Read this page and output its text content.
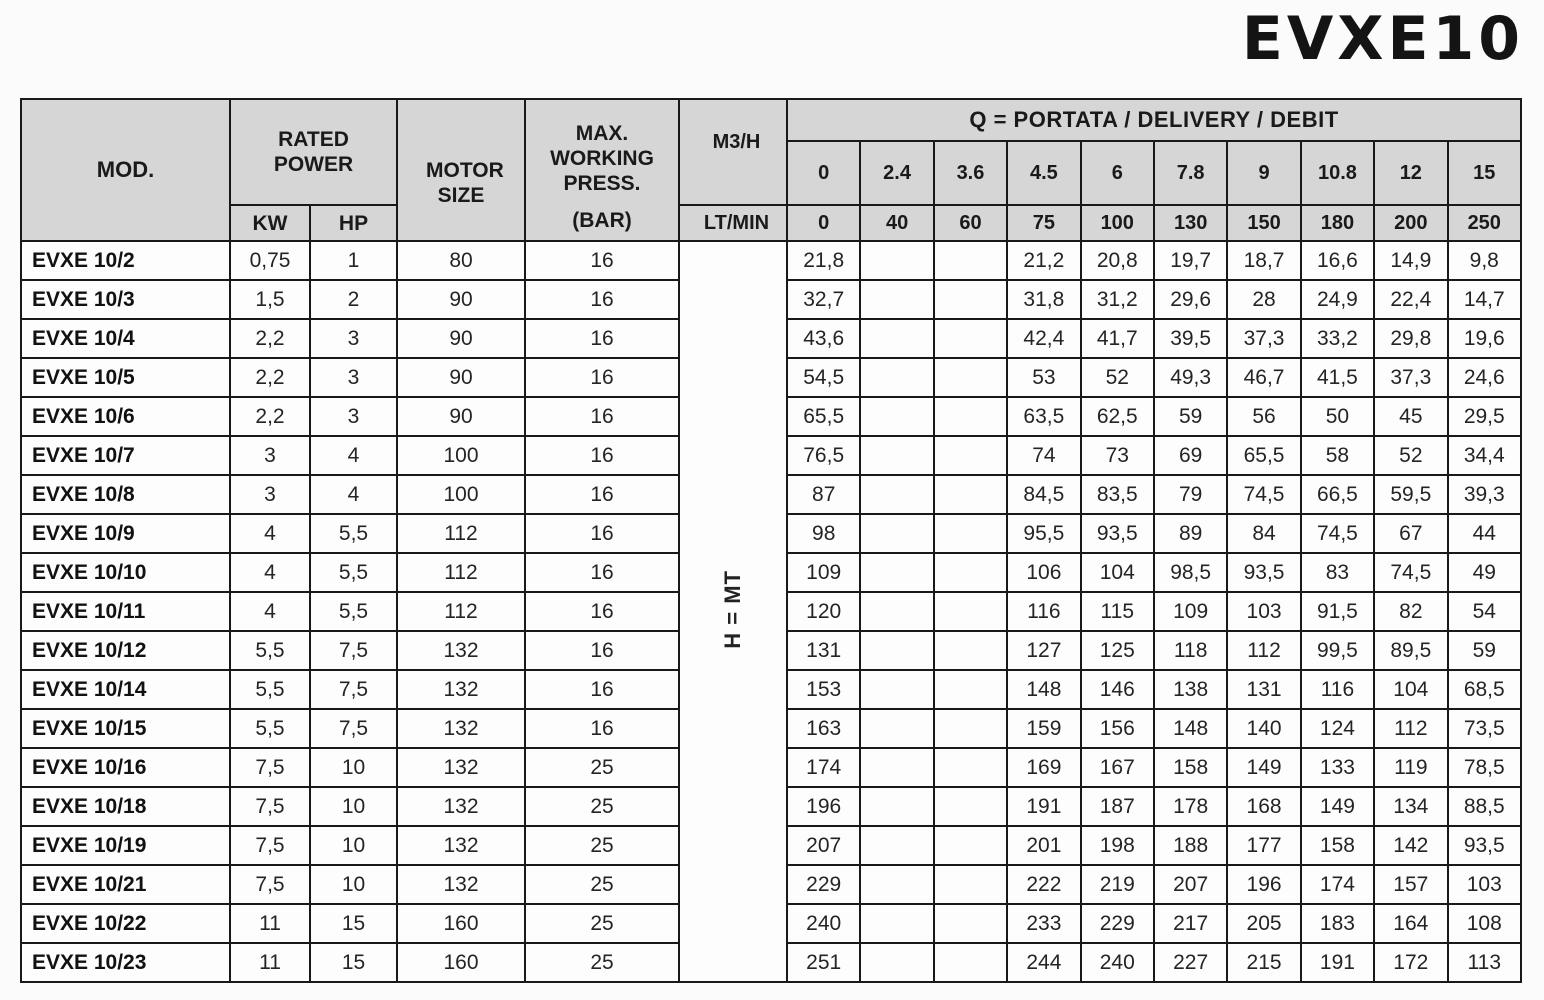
EVXE10
MOD.	RATED POWER		MOTOR SIZE	MAX. WORKING PRESS.
(BAR)	M3/H	Q = PORTATA / DELIVERY / DEBIT									
						0	2.4	3.6	4.5	6	7.8	9	10.8	12	15
	KW	HP			LT/MIN	0	40	60	75	100	130	150	180	200	250
EVXE 10/2	0,75	1	80	16	H = MT	21,8			21,2	20,8	19,7	18,7	16,6	14,9	9,8
EVXE 10/3	1,5	2	90	16		32,7			31,8	31,2	29,6	28	24,9	22,4	14,7
EVXE 10/4	2,2	3	90	16		43,6			42,4	41,7	39,5	37,3	33,2	29,8	19,6
EVXE 10/5	2,2	3	90	16		54,5			53	52	49,3	46,7	41,5	37,3	24,6
EVXE 10/6	2,2	3	90	16		65,5			63,5	62,5	59	56	50	45	29,5
EVXE 10/7	3	4	100	16		76,5			74	73	69	65,5	58	52	34,4
EVXE 10/8	3	4	100	16		87			84,5	83,5	79	74,5	66,5	59,5	39,3
EVXE 10/9	4	5,5	112	16		98			95,5	93,5	89	84	74,5	67	44
EVXE 10/10	4	5,5	112	16		109			106	104	98,5	93,5	83	74,5	49
EVXE 10/11	4	5,5	112	16		120			116	115	109	103	91,5	82	54
EVXE 10/12	5,5	7,5	132	16		131			127	125	118	112	99,5	89,5	59
EVXE 10/14	5,5	7,5	132	16		153			148	146	138	131	116	104	68,5
EVXE 10/15	5,5	7,5	132	16		163			159	156	148	140	124	112	73,5
EVXE 10/16	7,5	10	132	25		174			169	167	158	149	133	119	78,5
EVXE 10/18	7,5	10	132	25		196			191	187	178	168	149	134	88,5
EVXE 10/19	7,5	10	132	25		207			201	198	188	177	158	142	93,5
EVXE 10/21	7,5	10	132	25		229			222	219	207	196	174	157	103
EVXE 10/22	11	15	160	25		240			233	229	217	205	183	164	108
EVXE 10/23	11	15	160	25		251			244	240	227	215	191	172	113
